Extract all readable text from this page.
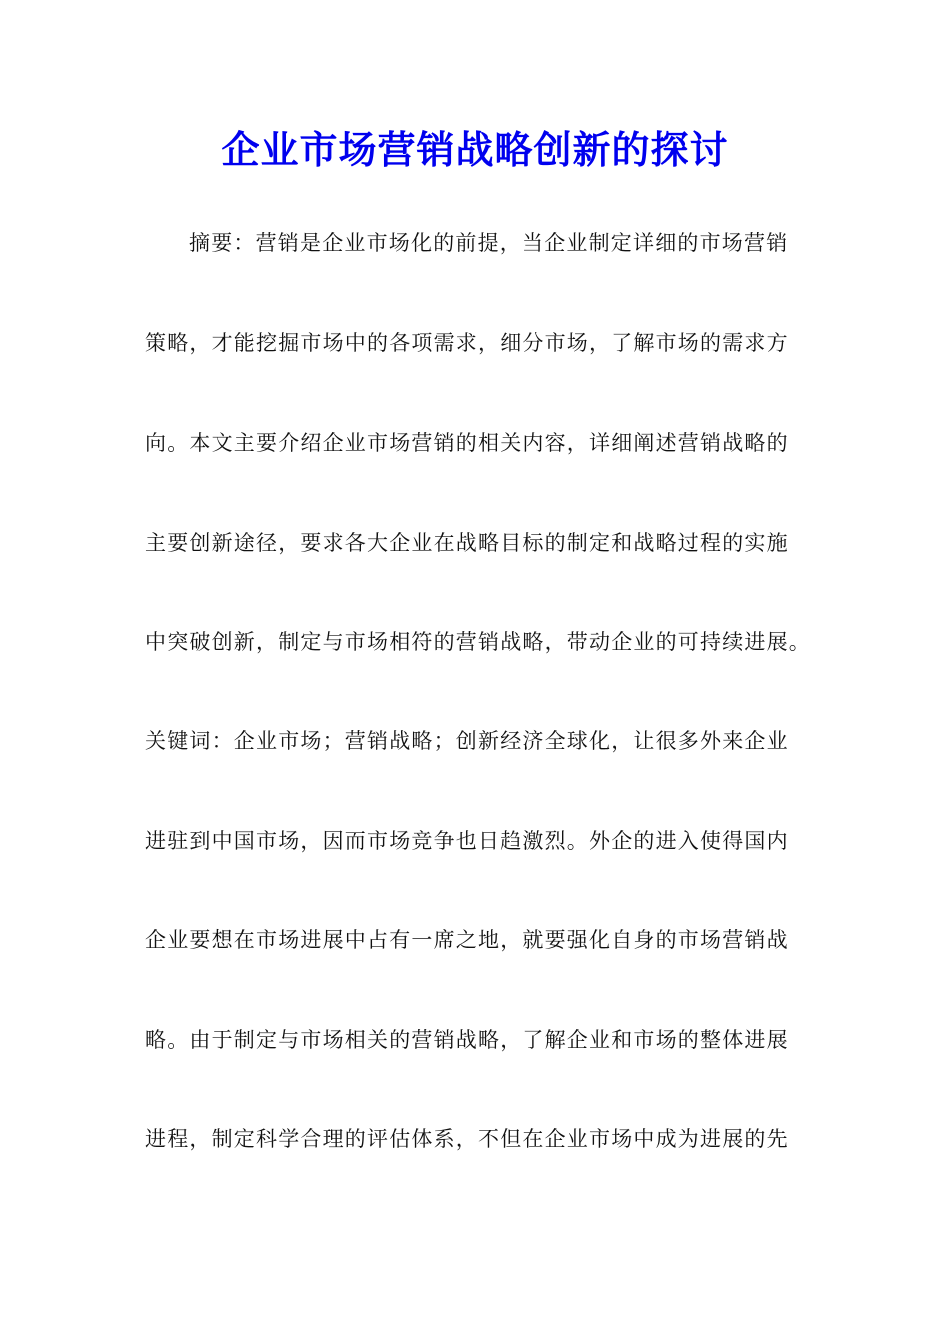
企业市场营销战略创新的探讨
摘要：营销是企业市场化的前提，当企业制定详细的市场营销
策略，才能挖掘市场中的各项需求，细分市场，了解市场的需求方
向。本文主要介绍企业市场营销的相关内容，详细阐述营销战略的
主要创新途径，要求各大企业在战略目标的制定和战略过程的实施
中突破创新，制定与市场相符的营销战略，带动企业的可持续进展。
关键词：企业市场；营销战略；创新经济全球化，让很多外来企业
进驻到中国市场，因而市场竞争也日趋激烈。外企的进入使得国内
企业要想在市场进展中占有一席之地，就要强化自身的市场营销战
略。由于制定与市场相关的营销战略，了解企业和市场的整体进展
进程，制定科学合理的评估体系，不但在企业市场中成为进展的先
